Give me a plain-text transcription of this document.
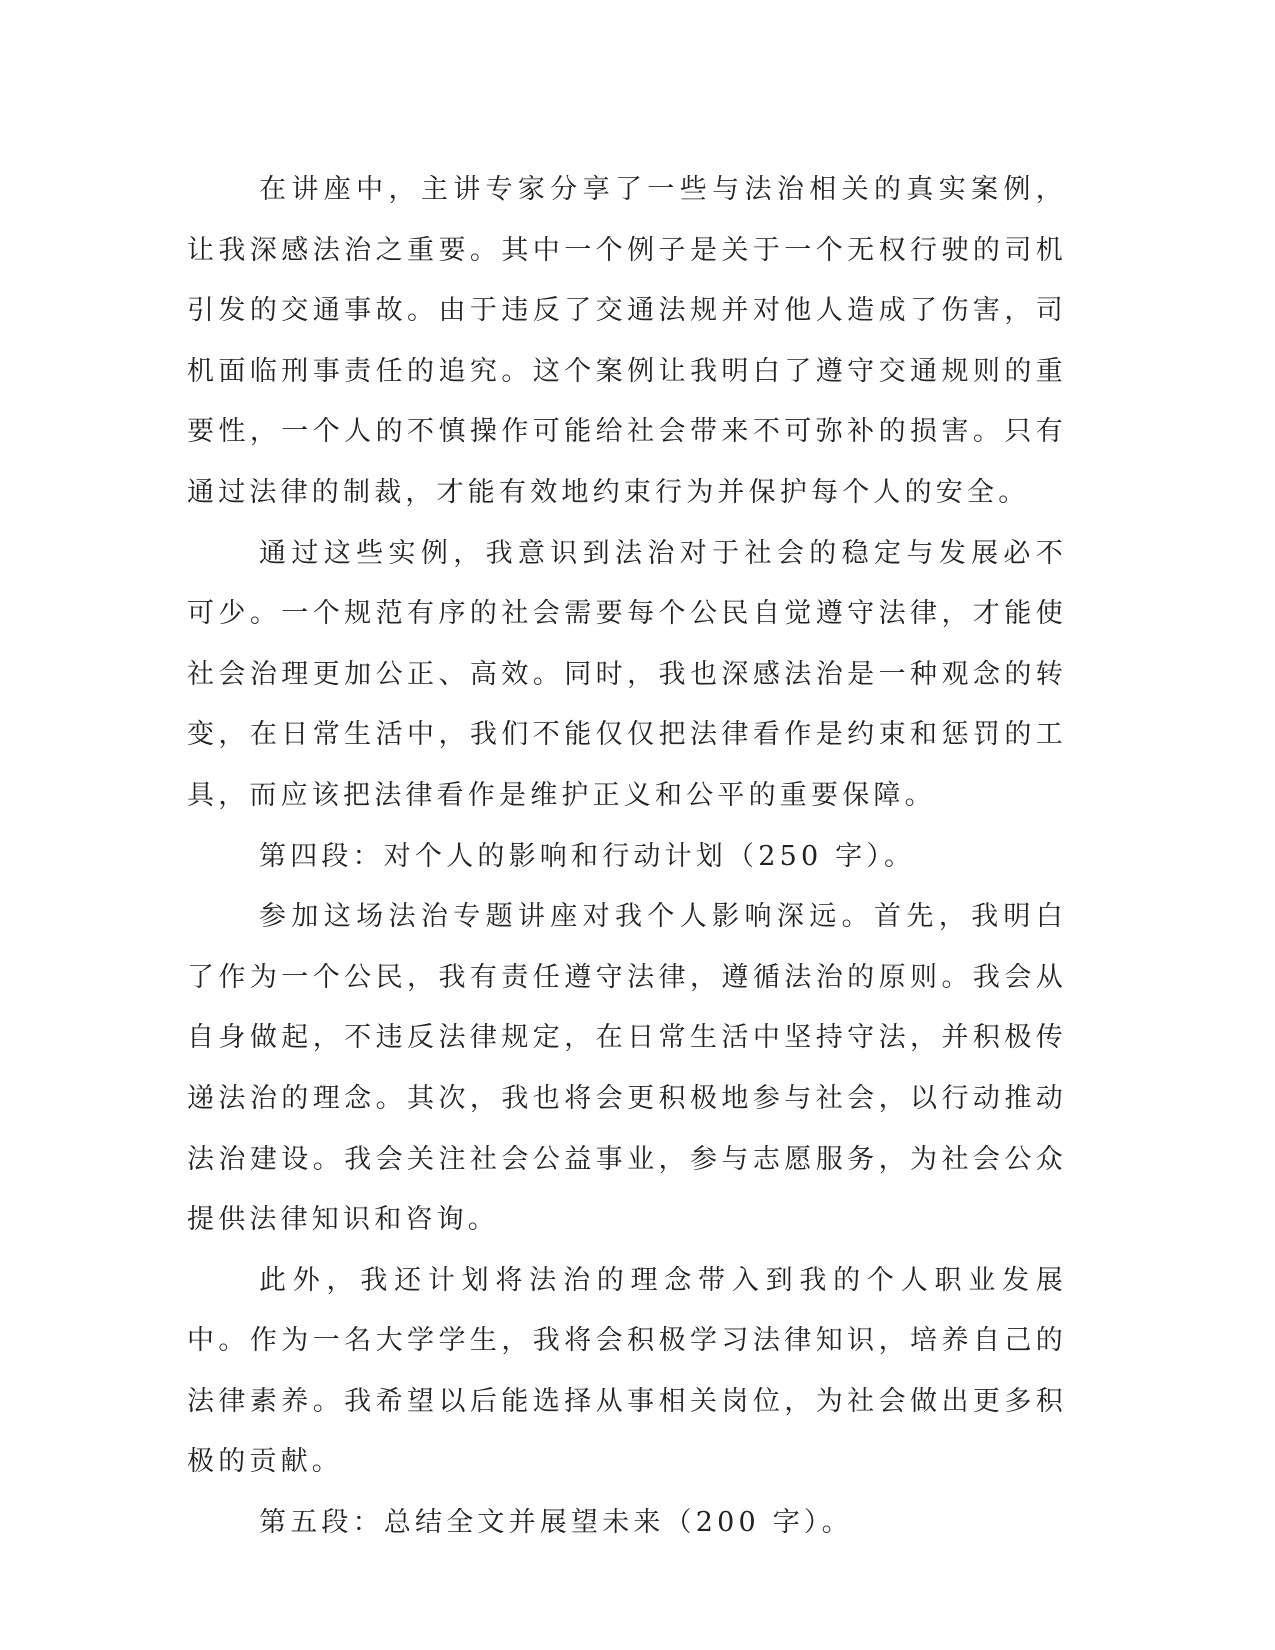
在讲座中，主讲专家分享了一些与法治相关的真实案例，让我深感法治之重要。其中一个例子是关于一个无权行驶的司机引发的交通事故。由于违反了交通法规并对他人造成了伤害，司机面临刑事责任的追究。这个案例让我明白了遵守交通规则的重要性，一个人的不慎操作可能给社会带来不可弥补的损害。只有通过法律的制裁，才能有效地约束行为并保护每个人的安全。

通过这些实例，我意识到法治对于社会的稳定与发展必不可少。一个规范有序的社会需要每个公民自觉遵守法律，才能使社会治理更加公正、高效。同时，我也深感法治是一种观念的转变，在日常生活中，我们不能仅仅把法律看作是约束和惩罚的工具，而应该把法律看作是维护正义和公平的重要保障。

第四段：对个人的影响和行动计划（250 字）。

参加这场法治专题讲座对我个人影响深远。首先，我明白了作为一个公民，我有责任遵守法律，遵循法治的原则。我会从自身做起，不违反法律规定，在日常生活中坚持守法，并积极传递法治的理念。其次，我也将会更积极地参与社会，以行动推动法治建设。我会关注社会公益事业，参与志愿服务，为社会公众提供法律知识和咨询。

此外，我还计划将法治的理念带入到我的个人职业发展中。作为一名大学学生，我将会积极学习法律知识，培养自己的法律素养。我希望以后能选择从事相关岗位，为社会做出更多积极的贡献。

第五段：总结全文并展望未来（200 字）。
